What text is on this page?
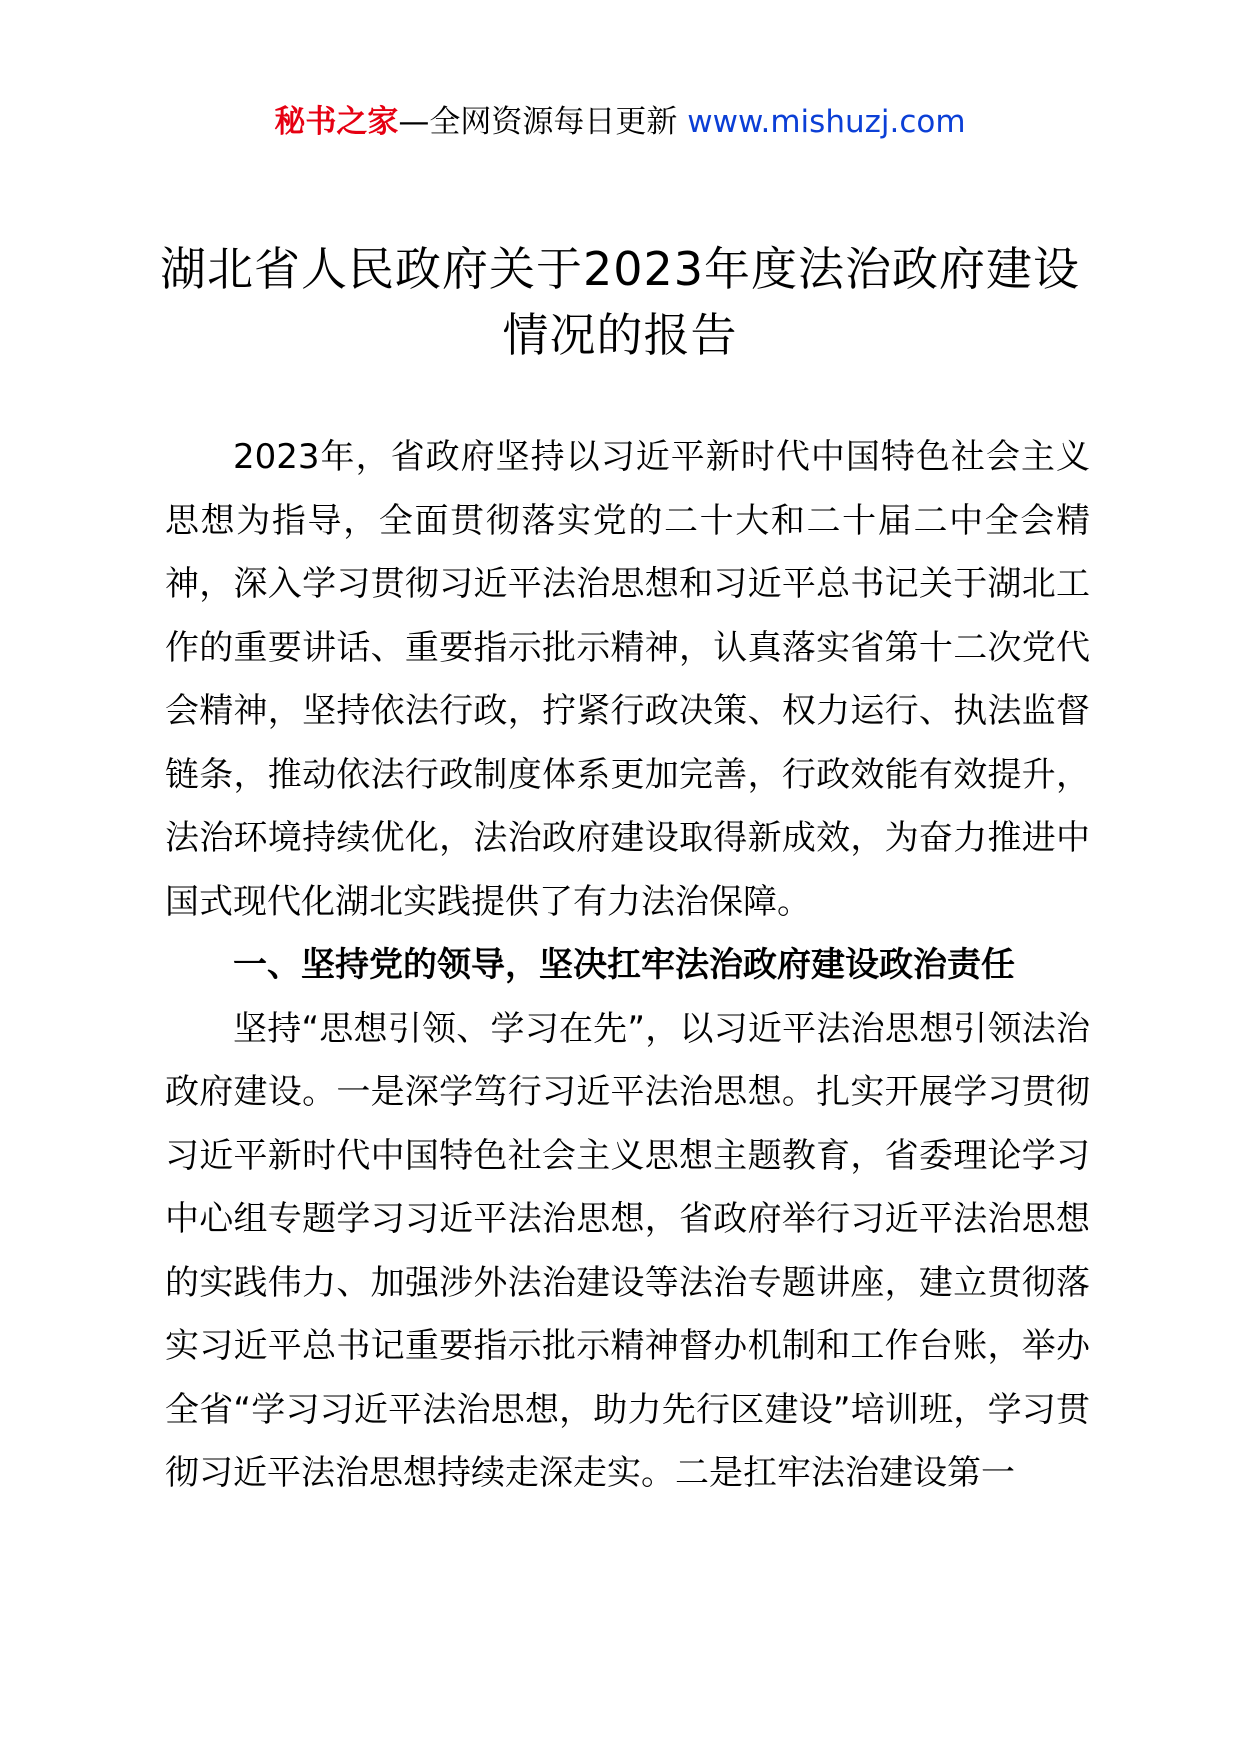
秘书之家—全网资源每日更新 www.mishuzj.com
湖北省人民政府关于2023年度法治政府建设
情况的报告

2023年，省政府坚持以习近平新时代中国特色社会主义思想为指导，全面贯彻落实党的二十大和二十届二中全会精神，深入学习贯彻习近平法治思想和习近平总书记关于湖北工作的重要讲话、重要指示批示精神，认真落实省第十二次党代会精神，坚持依法行政，拧紧行政决策、权力运行、执法监督链条，推动依法行政制度体系更加完善，行政效能有效提升，法治环境持续优化，法治政府建设取得新成效，为奋力推进中国式现代化湖北实践提供了有力法治保障。

一、坚持党的领导，坚决扛牢法治政府建设政治责任

坚持“思想引领、学习在先”，以习近平法治思想引领法治政府建设。一是深学笃行习近平法治思想。扎实开展学习贯彻习近平新时代中国特色社会主义思想主题教育，省委理论学习中心组专题学习习近平法治思想，省政府举行习近平法治思想的实践伟力、加强涉外法治建设等法治专题讲座，建立贯彻落实习近平总书记重要指示批示精神督办机制和工作台账，举办全省“学习习近平法治思想，助力先行区建设”培训班，学习贯彻习近平法治思想持续走深走实。二是扛牢法治建设第一
